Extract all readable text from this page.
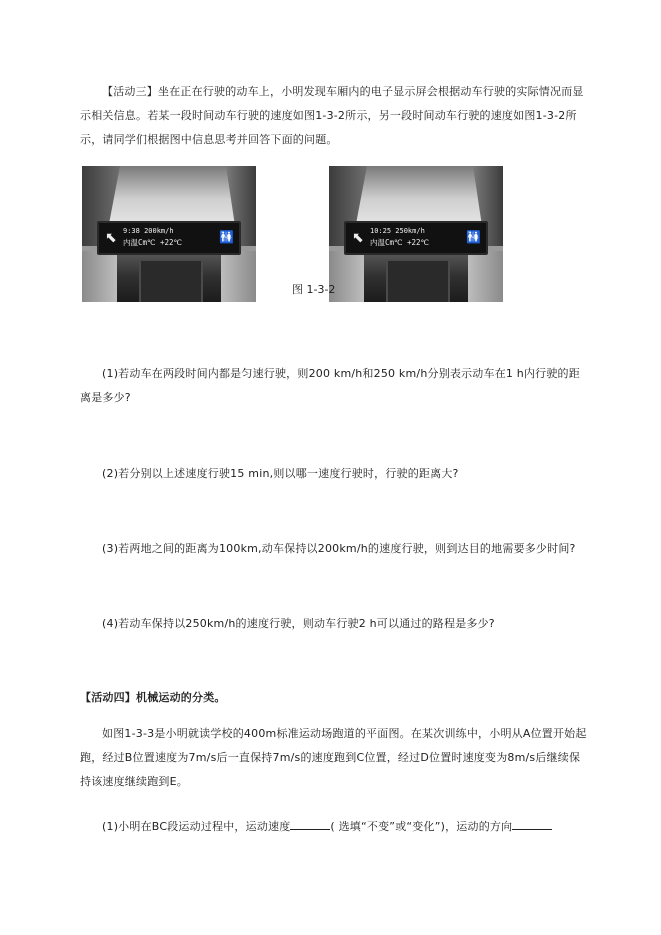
【活动三】坐在正在行驶的动车上，小明发现车厢内的电子显示屏会根据动车行驶的实际情况而显示相关信息。若某一段时间动车行驶的速度如图1-3-2所示，另一段时间动车行驶的速度如图1-3-2所示，请同学们根据图中信息思考并回答下面的问题。

⬉ 9:38 200km/h
内温Cm℃ +22℃	🚻	⬉ 10:25 250km/h
内温Cm℃ +22℃	🚻
图 1-3-2

(1)若动车在两段时间内都是匀速行驶，则200 km/h和250 km/h分别表示动车在1 h内行驶的距离是多少?

(2)若分别以上述速度行驶15 min,则以哪一速度行驶时，行驶的距离大?

(3)若两地之间的距离为100km,动车保持以200km/h的速度行驶，则到达目的地需要多少时间?

(4)若动车保持以250km/h的速度行驶，则动车行驶2 h可以通过的路程是多少?

【活动四】机械运动的分类。

如图1-3-3是小明就读学校的400m标准运动场跑道的平面图。在某次训练中，小明从A位置开始起跑，经过B位置速度为7m/s后一直保持7m/s的速度跑到C位置，经过D位置时速度变为8m/s后继续保持该速度继续跑到E。

(1)小明在BC段运动过程中，运动速度	( 选填“不变”或“变化”)，运动的方向
